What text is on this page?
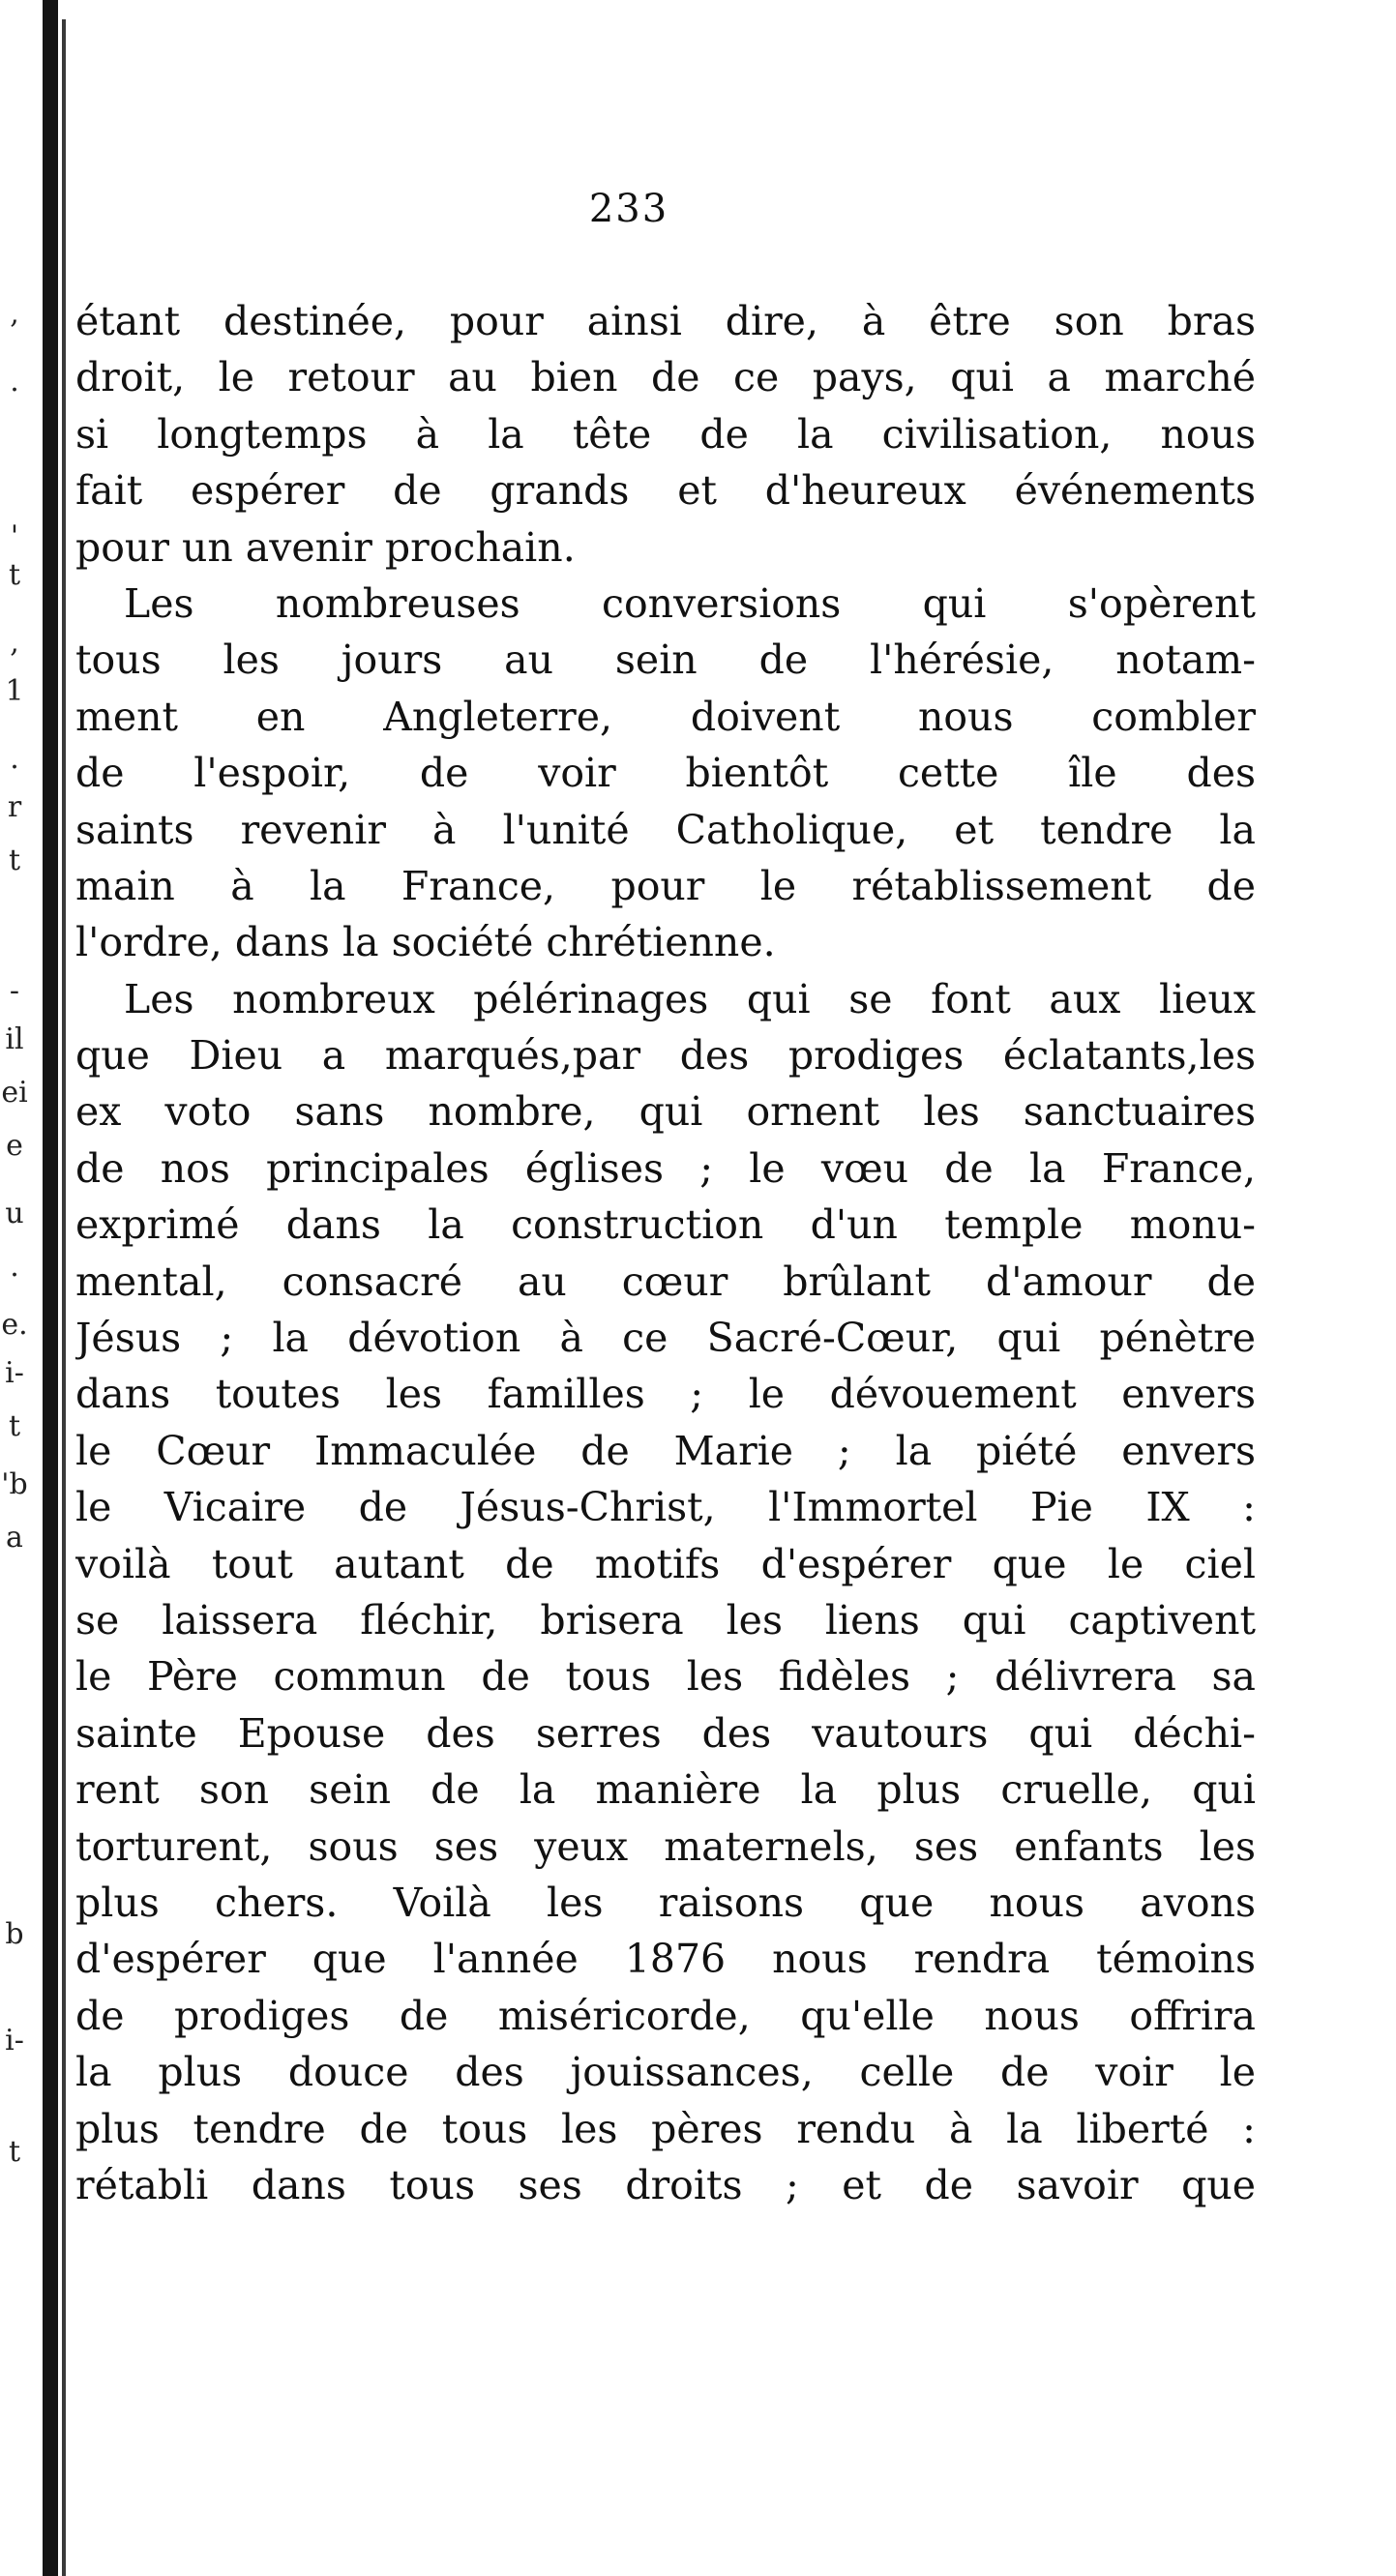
,
.
'
t
,
1
.
r
t
-
il
ei
e
u
.
e.
i-
t
'b
a
b
i-
t
233
étant destinée, pour ainsi dire, à être son bras
droit, le retour au bien de ce pays, qui a marché
si longtemps à la tête de la civilisation, nous
fait espérer de grands et d'heureux événements
pour un avenir prochain.
Les nombreuses conversions qui s'opèrent
tous les jours au sein de l'hérésie, notam-
ment en Angleterre, doivent nous combler
de l'espoir, de voir bientôt cette île des
saints revenir à l'unité Catholique, et tendre la
main à la France, pour le rétablissement de
l'ordre, dans la société chrétienne.
Les nombreux pélérinages qui se font aux lieux
que Dieu a marqués,par des prodiges éclatants,les
ex voto sans nombre, qui ornent les sanctuaires
de nos principales églises ; le vœu de la France,
exprimé dans la construction d'un temple monu-
mental, consacré au cœur brûlant d'amour de
Jésus ; la dévotion à ce Sacré-Cœur, qui pénètre
dans toutes les familles ; le dévouement envers
le Cœur Immaculée de Marie ; la piété envers
le Vicaire de Jésus-Christ, l'Immortel Pie IX :
voilà tout autant de motifs d'espérer que le ciel
se laissera fléchir, brisera les liens qui captivent
le Père commun de tous les fidèles ; délivrera sa
sainte Epouse des serres des vautours qui déchi-
rent son sein de la manière la plus cruelle, qui
torturent, sous ses yeux maternels, ses enfants les
plus chers. Voilà les raisons que nous avons
d'espérer que l'année 1876 nous rendra témoins
de prodiges de miséricorde, qu'elle nous offrira
la plus douce des jouissances, celle de voir le
plus tendre de tous les pères rendu à la liberté :
rétabli dans tous ses droits ; et de savoir que
